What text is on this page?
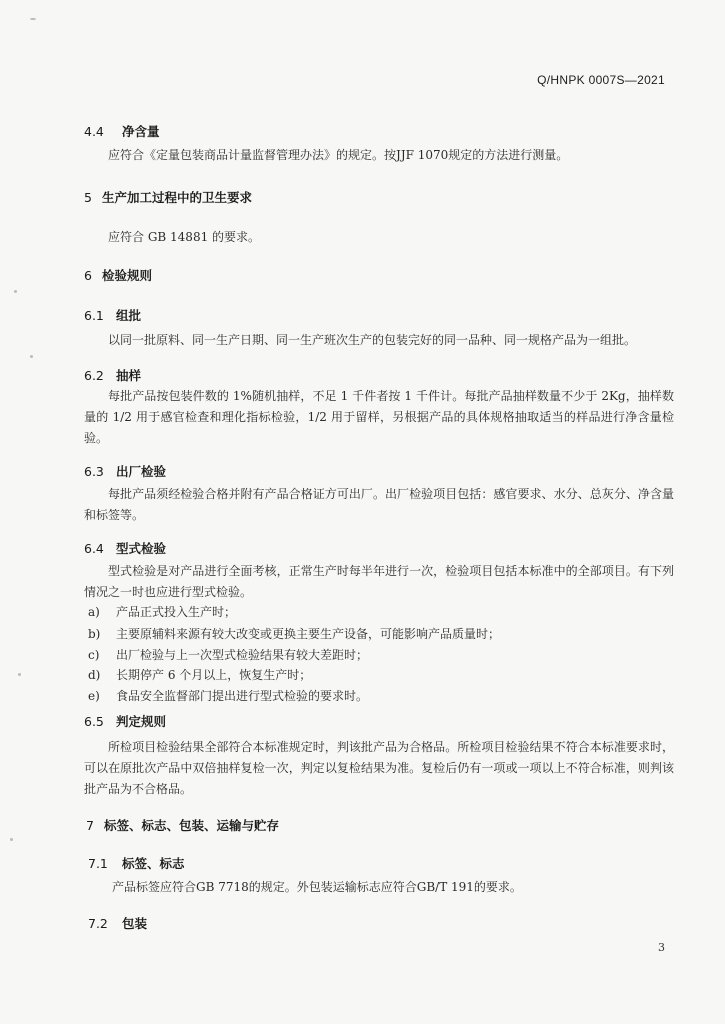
Q/HNPK 0007S—2021
4.4 净含量
应符合《定量包装商品计量监督管理办法》的规定。按JJF 1070规定的方法进行测量。
5 生产加工过程中的卫生要求
应符合 GB 14881 的要求。
6 检验规则
6.1 组批
以同一批原料、同一生产日期、同一生产班次生产的包装完好的同一品种、同一规格产品为一组批。
6.2 抽样
每批产品按包装件数的 1%随机抽样，不足 1 千件者按 1 千件计。每批产品抽样数量不少于 2Kg，抽样数量的 1/2 用于感官检查和理化指标检验，1/2 用于留样，另根据产品的具体规格抽取适当的样品进行净含量检验。
6.3 出厂检验
每批产品须经检验合格并附有产品合格证方可出厂。出厂检验项目包括：感官要求、水分、总灰分、净含量和标签等。
6.4 型式检验
型式检验是对产品进行全面考核，正常生产时每半年进行一次，检验项目包括本标准中的全部项目。有下列情况之一时也应进行型式检验。
a) 产品正式投入生产时；
b) 主要原辅料来源有较大改变或更换主要生产设备，可能影响产品质量时；
c) 出厂检验与上一次型式检验结果有较大差距时；
d) 长期停产 6 个月以上，恢复生产时；
e) 食品安全监督部门提出进行型式检验的要求时。
6.5 判定规则
所检项目检验结果全部符合本标准规定时，判该批产品为合格品。所检项目检验结果不符合本标准要求时，可以在原批次产品中双倍抽样复检一次，判定以复检结果为准。复检后仍有一项或一项以上不符合标准，则判该批产品为不合格品。
7 标签、标志、包装、运输与贮存
7.1 标签、标志
产品标签应符合GB 7718的规定。外包装运输标志应符合GB/T 191的要求。
7.2 包装
3
